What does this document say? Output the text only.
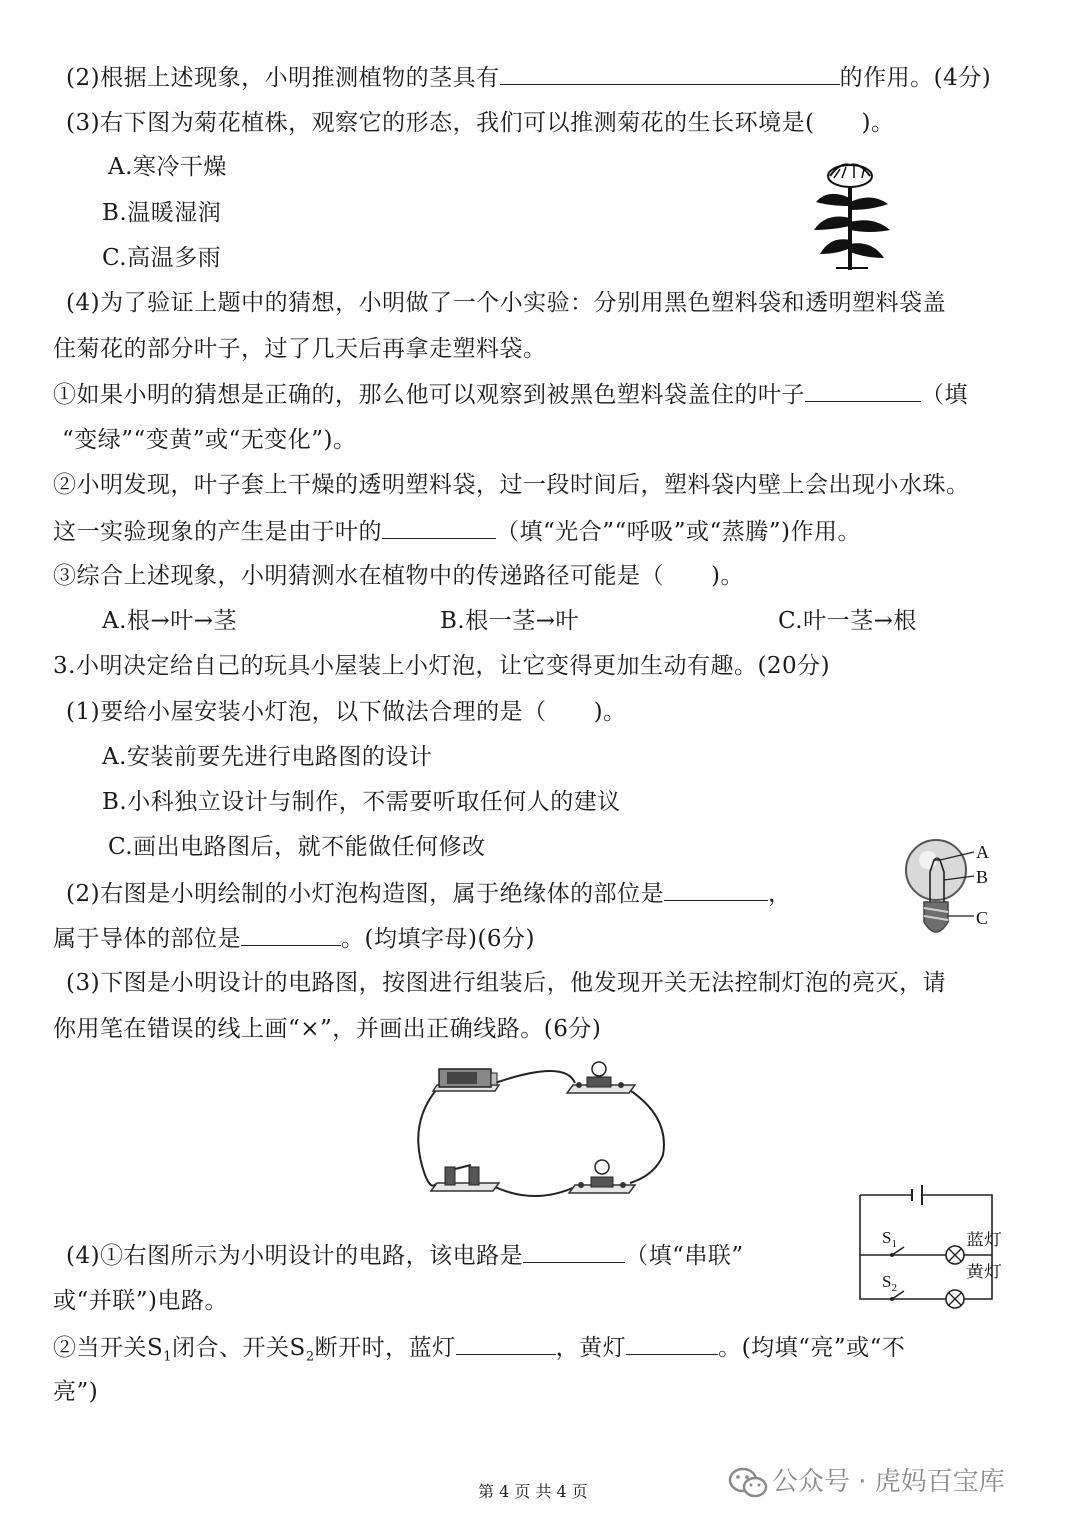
(2)根据上述现象，小明推测植物的茎具有	的作用。(4分)
(3)右下图为菊花植株，观察它的形态，我们可以推测菊花的生长环境是(　　)。
A.寒冷干燥
B.温暖湿润
C.高温多雨
(4)为了验证上题中的猜想，小明做了一个小实验：分别用黑色塑料袋和透明塑料袋盖
住菊花的部分叶子，过了几天后再拿走塑料袋。
①如果小明的猜想是正确的，那么他可以观察到被黑色塑料袋盖住的叶子	（填
“变绿”“变黄”或“无变化”)。
②小明发现，叶子套上干燥的透明塑料袋，过一段时间后，塑料袋内壁上会出现小水珠。
这一实验现象的产生是由于叶的	（填“光合”“呼吸”或“蒸腾”)作用。
③综合上述现象，小明猜测水在植物中的传递路径可能是（　　)。
A.根→叶→茎	B.根一茎→叶	C.叶一茎→根
3.小明决定给自己的玩具小屋装上小灯泡，让它变得更加生动有趣。(20分)
(1)要给小屋安装小灯泡，以下做法合理的是（　　)。
A.安装前要先进行电路图的设计
B.小科独立设计与制作，不需要听取任何人的建议
C.画出电路图后，就不能做任何修改
(2)右图是小明绘制的小灯泡构造图，属于绝缘体的部位是	，
属于导体的部位是	。(均填字母)(6分)
A
B
C
(3)下图是小明设计的电路图，按图进行组装后，他发现开关无法控制灯泡的亮灭，请
你用笔在错误的线上画“×”，并画出正确线路。(6分)
$S_1$
$S_2$
蓝灯
黄灯
(4)①右图所示为小明设计的电路，该电路是	（填“串联”
或“并联”)电路。
②当开关$S_1$闭合、开关$S_2$断开时，蓝灯	，黄灯	。(均填“亮”或“不
亮”)
第 4 页 共 4 页	公众号 · 虎妈百宝库
